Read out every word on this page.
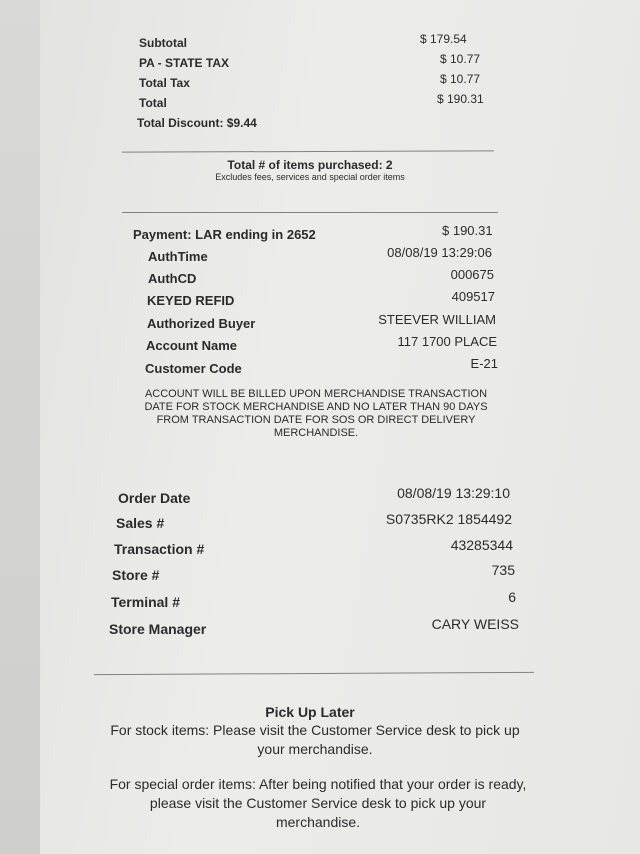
Subtotal	$ 179.54
PA - STATE TAX	$ 10.77
Total Tax	$ 10.77
Total	$ 190.31
Total Discount: $9.44
Total # of items purchased: 2
Excludes fees, services and special order items
Payment: LAR ending in 2652	$ 190.31
AuthTime	08/08/19 13:29:06
AuthCD	000675
KEYED REFID	409517
Authorized Buyer	STEEVER WILLIAM
Account Name	117 1700 PLACE
Customer Code	E-21
ACCOUNT WILL BE BILLED UPON MERCHANDISE TRANSACTION
DATE FOR STOCK MERCHANDISE AND NO LATER THAN 90 DAYS
FROM TRANSACTION DATE FOR SOS OR DIRECT DELIVERY
MERCHANDISE.
Order Date	08/08/19 13:29:10
Sales #	S0735RK2 1854492
Transaction #	43285344
Store #	735
Terminal #	6
Store Manager	CARY WEISS
Pick Up Later
For stock items: Please visit the Customer Service desk to pick up
your merchandise.
For special order items: After being notified that your order is ready,
please visit the Customer Service desk to pick up your
merchandise.
